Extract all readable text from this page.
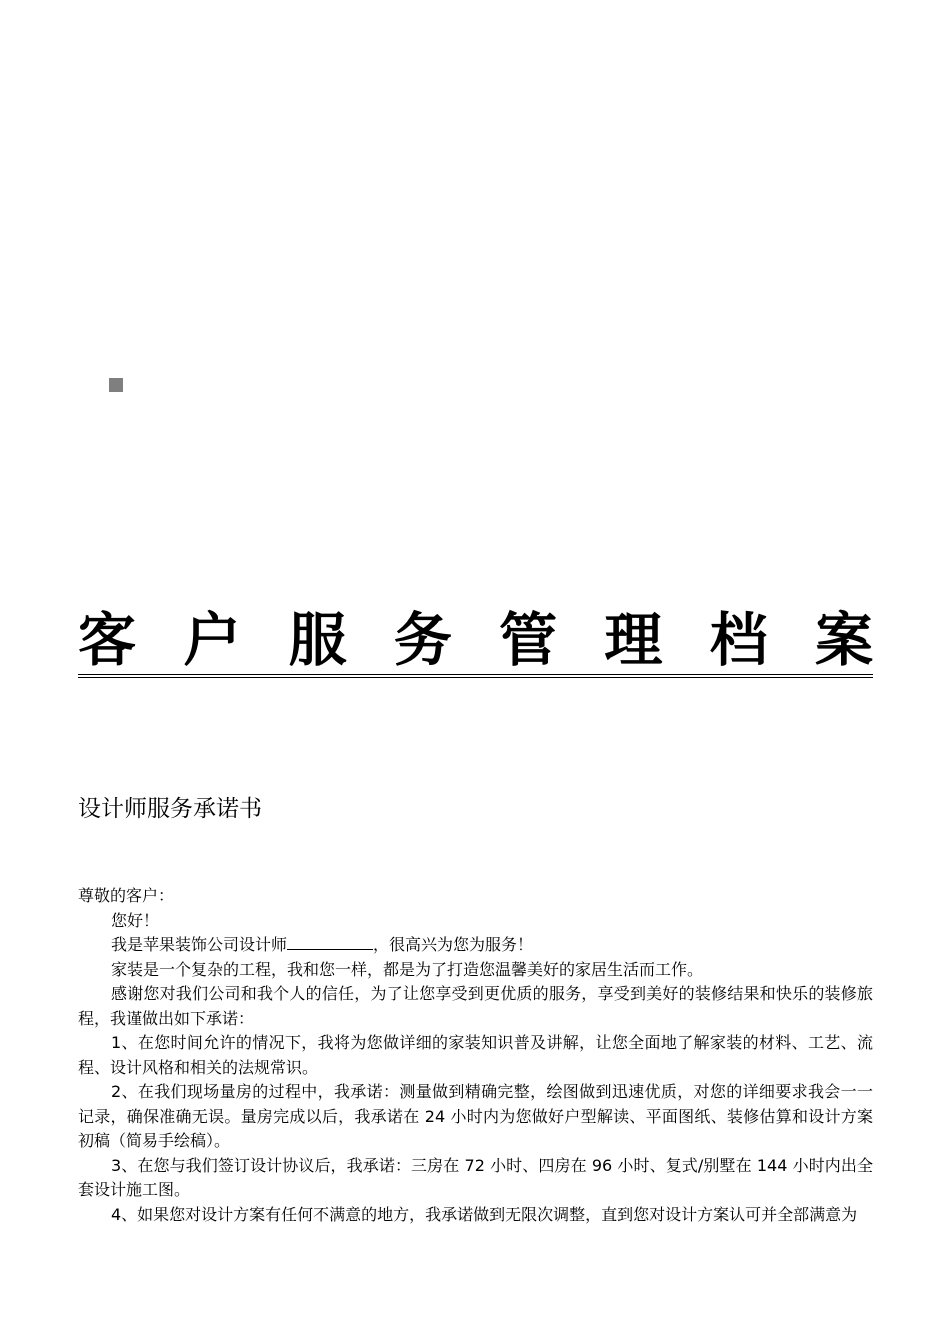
客 户 服 务 管 理 档 案
设计师服务承诺书

尊敬的客户：

您好！

我是苹果装饰公司设计师	，很高兴为您为服务！

家装是一个复杂的工程，我和您一样，都是为了打造您温馨美好的家居生活而工作。

感谢您对我们公司和我个人的信任，为了让您享受到更优质的服务，享受到美好的装修结果和快乐的装修旅程，我谨做出如下承诺：

1、在您时间允许的情况下，我将为您做详细的家装知识普及讲解，让您全面地了解家装的材料、工艺、流程、设计风格和相关的法规常识。

2、在我们现场量房的过程中，我承诺：测量做到精确完整，绘图做到迅速优质，对您的详细要求我会一一记录，确保准确无误。量房完成以后，我承诺在 24 小时内为您做好户型解读、平面图纸、装修估算和设计方案初稿（简易手绘稿）。

3、在您与我们签订设计协议后，我承诺：三房在 72 小时、四房在 96 小时、复式/别墅在 144 小时内出全套设计施工图。

4、如果您对设计方案有任何不满意的地方，我承诺做到无限次调整，直到您对设计方案认可并全部满意为
